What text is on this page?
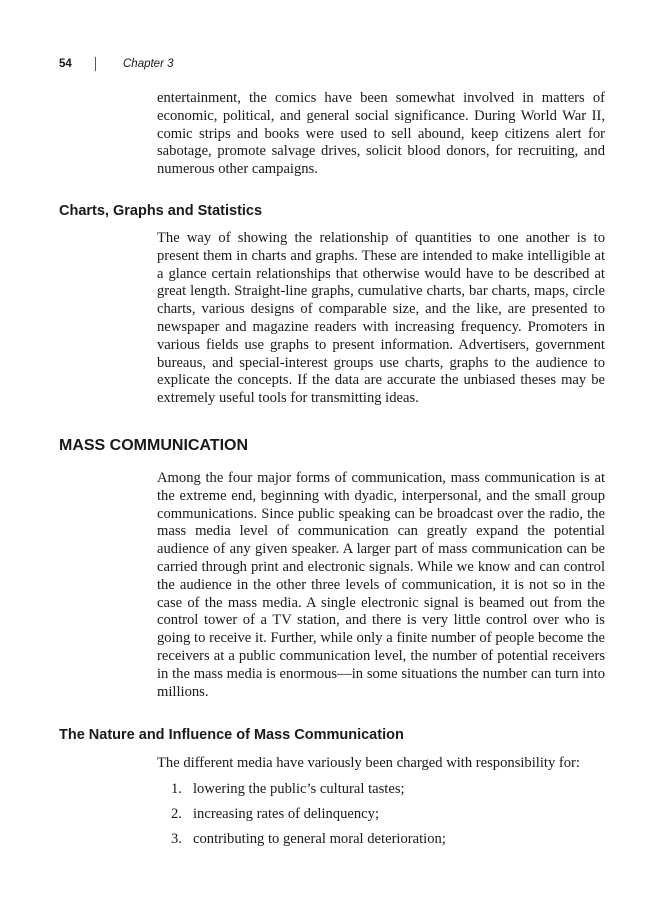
54	Chapter 3

entertainment, the comics have been somewhat involved in matters of economic, political, and general social significance. During World War II, comic strips and books were used to sell abound, keep citizens alert for sabotage, promote salvage drives, solicit blood donors, for recruiting, and numerous other campaigns.

Charts, Graphs and Statistics

The way of showing the relationship of quantities to one another is to present them in charts and graphs. These are intended to make intelligible at a glance certain relationships that otherwise would have to be described at great length. Straight-line graphs, cumulative charts, bar charts, maps, circle charts, various designs of comparable size, and the like, are presented to newspaper and magazine readers with increasing frequency. Promoters in various fields use graphs to present information. Advertisers, government bureaus, and special-interest groups use charts, graphs to the audience to explicate the concepts. If the data are accurate the unbiased theses may be extremely useful tools for transmitting ideas.

MASS COMMUNICATION

Among the four major forms of communication, mass communication is at the extreme end, beginning with dyadic, interpersonal, and the small group communications. Since public speaking can be broadcast over the radio, the mass media level of communication can greatly expand the potential audience of any given speaker. A larger part of mass communication can be carried through print and electronic signals. While we know and can control the audience in the other three levels of communication, it is not so in the case of the mass media. A single electronic signal is beamed out from the control tower of a TV station, and there is very little control over who is going to receive it. Further, while only a finite number of people become the receivers at a public communication level, the number of potential receivers in the mass media is enormous—in some situations the number can turn into millions.

The Nature and Influence of Mass Communication

The different media have variously been charged with responsibility for:

1. lowering the public’s cultural tastes;
2. increasing rates of delinquency;
3. contributing to general moral deterioration;
